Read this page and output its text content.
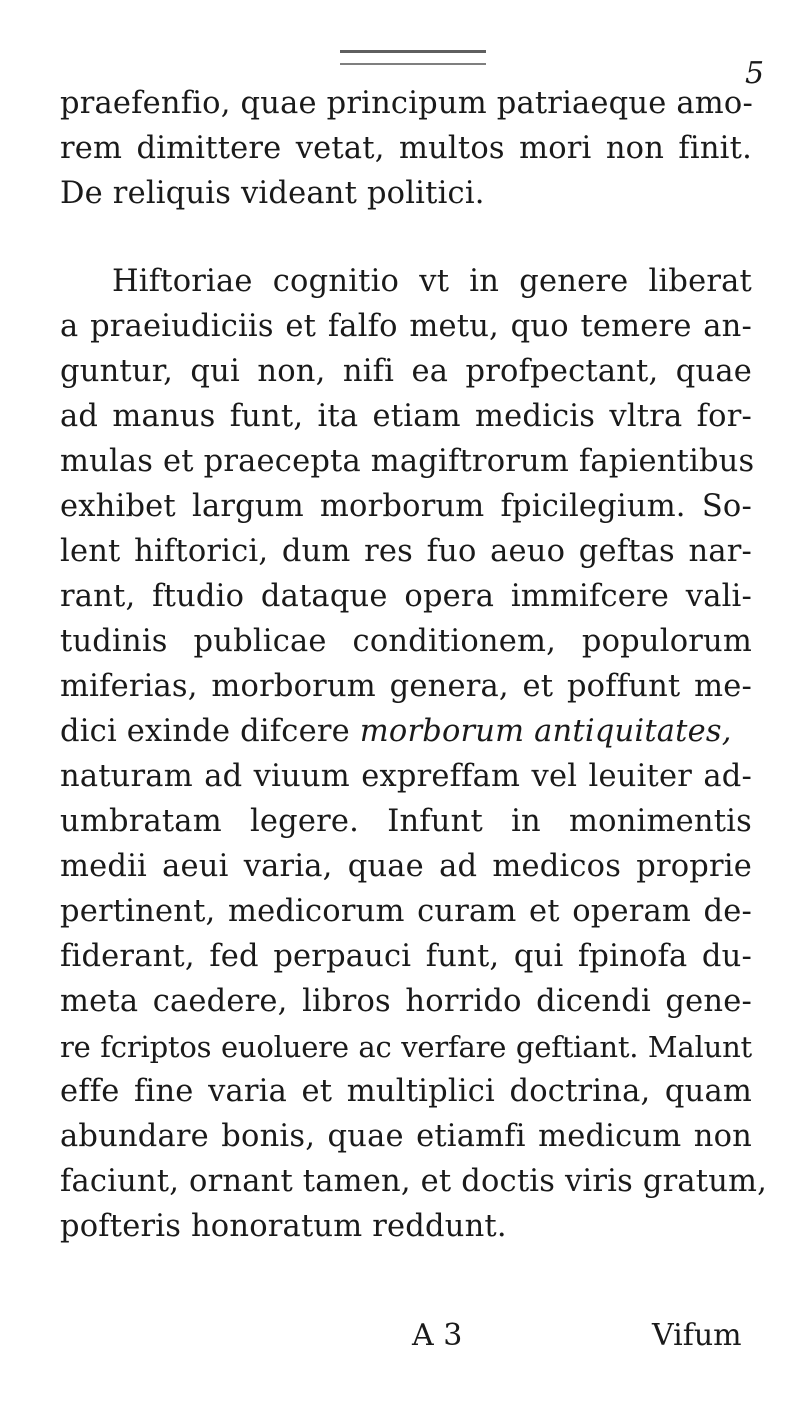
5
praefenfio, quae principum patriaeque amo-
rem dimittere vetat, multos mori non finit.
De reliquis videant politici.
Hiftoriae cognitio vt in genere liberat
a praeiudiciis et falfo metu, quo temere an-
guntur, qui non, nifi ea profpectant, quae
ad manus funt, ita etiam medicis vltra for-
mulas et praecepta magiftrorum fapientibus
exhibet largum morborum fpicilegium. So-
lent hiftorici, dum res fuo aeuo geftas nar-
rant, ftudio dataque opera immifcere vali-
tudinis publicae conditionem, populorum
miferias, morborum genera, et poffunt me-
dici exinde difcere morborum antiquitates,
naturam ad viuum expreffam vel leuiter ad-
umbratam legere. Infunt in monimentis
medii aeui varia, quae ad medicos proprie
pertinent, medicorum curam et operam de-
fiderant, fed perpauci funt, qui fpinofa du-
meta caedere, libros horrido dicendi gene-
re fcriptos euoluere ac verfare geftiant. Malunt
effe fine varia et multiplici doctrina, quam
abundare bonis, quae etiamfi medicum non
faciunt, ornant tamen, et doctis viris gratum,
pofteris honoratum reddunt.
A 3	Vifum
